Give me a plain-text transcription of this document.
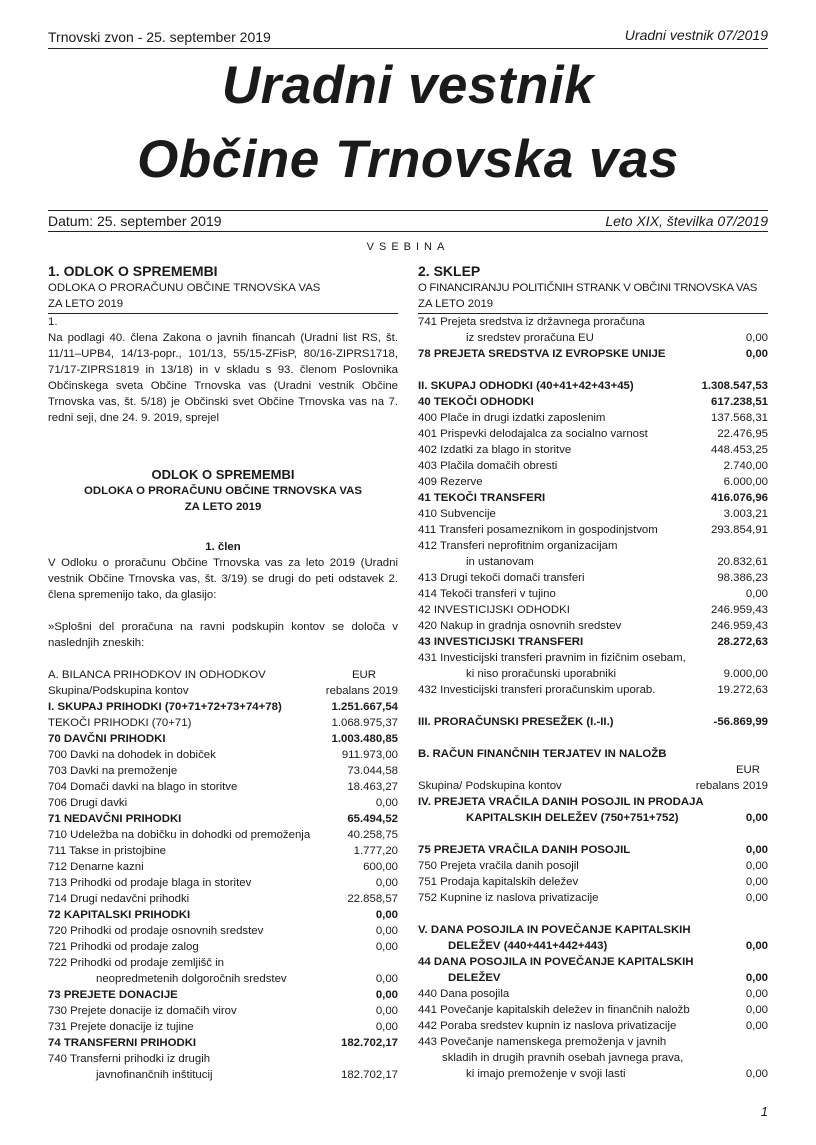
Trnovski zvon - 25. september 2019	Uradni vestnik 07/2019
Uradni vestnik
Občine Trnovska vas
Datum: 25. september 2019	Leto XIX, številka 07/2019
VSEBINA
1. ODLOK O SPREMEMBI
ODLOKA O PRORAČUNU OBČINE TRNOVSKA VAS
ZA LETO 2019
1.
Na podlagi 40. člena Zakona o javnih financah (Uradni list RS, št. 11/11–UPB4, 14/13-popr., 101/13, 55/15-ZFisP, 80/16-ZIPRS1718, 71/17-ZIPRS1819 in 13/18) in v skladu s 93. členom Poslovnika Občinskega sveta Občine Trnovska vas (Uradni vestnik Občine Trnovska vas, št. 5/18) je Občinski svet Občine Trnovska vas na 7. redni seji, dne 24. 9. 2019, sprejel
ODLOK O SPREMEMBI
ODLOKA O PRORAČUNU OBČINE TRNOVSKA VAS
ZA LETO 2019
1. člen
V Odloku o proračunu Občine Trnovska vas za leto 2019 (Uradni vestnik Občine Trnovska vas, št. 3/19) se drugi do peti odstavek 2. člena spremenijo tako, da glasijo:
»Splošni del proračuna na ravni podskupin kontov se določa v naslednjih zneskih:
A. BILANCA PRIHODKOV IN ODHODKOV	EUR
Skupina/Podskupina kontov	rebalans 2019
I. SKUPAJ PRIHODKI (70+71+72+73+74+78)	1.251.667,54
TEKOČI PRIHODKI (70+71)	1.068.975,37
70 DAVČNI PRIHODKI	1.003.480,85
700 Davki na dohodek in dobiček	911.973,00
703 Davki na premoženje	73.044,58
704 Domači davki na blago in storitve	18.463,27
706 Drugi davki	0,00
71 NEDAVČNI PRIHODKI	65.494,52
710 Udeležba na dobičku in dohodki od premoženja	40.258,75
711 Takse in pristojbine	1.777,20
712 Denarne kazni	600,00
713 Prihodki od prodaje blaga in storitev	0,00
714 Drugi nedavčni prihodki	22.858,57
72 KAPITALSKI PRIHODKI	0,00
720 Prihodki od prodaje osnovnih sredstev	0,00
721 Prihodki od prodaje zalog	0,00
722 Prihodki od prodaje zemljišč in
neopredmetenih dolgoročnih sredstev	0,00
73 PREJETE DONACIJE	0,00
730 Prejete donacije iz domačih virov	0,00
731 Prejete donacije iz tujine	0,00
74 TRANSFERNI PRIHODKI	182.702,17
740 Transferni prihodki iz drugih
javnofinančnih inštitucij	182.702,17
2. SKLEP
O FINANCIRANJU POLITIČNIH STRANK V OBČINI TRNOVSKA VAS
ZA LETO 2019
741 Prejeta sredstva iz državnega proračuna
iz sredstev proračuna EU	0,00
78 PREJETA SREDSTVA IZ EVROPSKE UNIJE	0,00
II. SKUPAJ ODHODKI (40+41+42+43+45)	1.308.547,53
40 TEKOČI ODHODKI	617.238,51
400 Plače in drugi izdatki zaposlenim	137.568,31
401 Prispevki delodajalca za socialno varnost	22.476,95
402 Izdatki za blago in storitve	448.453,25
403 Plačila domačih obresti	2.740,00
409 Rezerve	6.000,00
41 TEKOČI TRANSFERI	416.076,96
410 Subvencije	3.003,21
411 Transferi posameznikom in gospodinjstvom	293.854,91
412 Transferi neprofitnim organizacijam
in ustanovam	20.832,61
413 Drugi tekoči domači transferi	98.386,23
414 Tekoči transferi v tujino	0,00
42 INVESTICIJSKI ODHODKI	246.959,43
420 Nakup in gradnja osnovnih sredstev	246.959,43
43 INVESTICIJSKI TRANSFERI	28.272,63
431 Investicijski transferi pravnim in fizičnim osebam,
ki niso proračunski uporabniki	9.000,00
432 Investicijski transferi proračunskim uporab.	19.272,63
III. PRORAČUNSKI PRESEŽEK (I.-II.)	-56.869,99
B. RAČUN FINANČNIH TERJATEV IN NALOŽB
EUR
Skupina/ Podskupina kontov	rebalans 2019
IV. PREJETA VRAČILA DANIH POSOJIL IN PRODAJA
KAPITALSKIH DELEŽEV (750+751+752)	0,00
75 PREJETA VRAČILA DANIH POSOJIL	0,00
750 Prejeta vračila danih posojil	0,00
751 Prodaja kapitalskih deležev	0,00
752 Kupnine iz naslova privatizacije	0,00
V. DANA POSOJILA IN POVEČANJE KAPITALSKIH
DELEŽEV (440+441+442+443)	0,00
44 DANA POSOJILA IN POVEČANJE KAPITALSKIH
DELEŽEV	0,00
440 Dana posojila	0,00
441 Povečanje kapitalskih deležev in finančnih naložb	0,00
442 Poraba sredstev kupnin iz naslova privatizacije	0,00
443 Povečanje namenskega premoženja v javnih
skladih in drugih pravnih osebah javnega prava,
ki imajo premoženje v svoji lasti	0,00
1
